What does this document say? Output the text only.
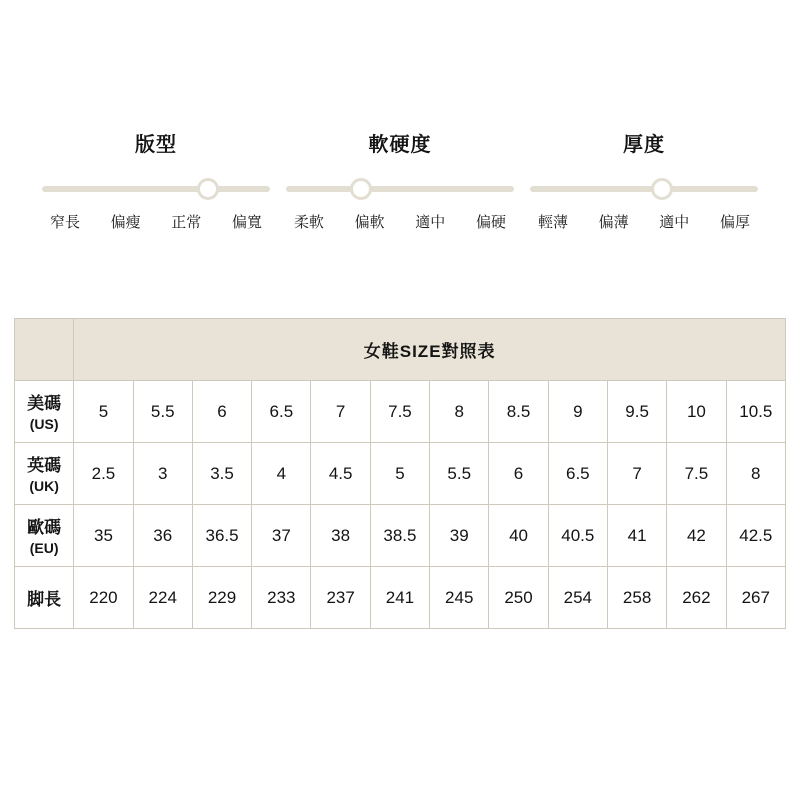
版型
窄長	偏瘦	正常	偏寬
軟硬度
柔軟	偏軟	適中	偏硬
厚度
輕薄	偏薄	適中	偏厚
	女鞋SIZE對照表											
美碼(US)	5	5.5	6	6.5	7	7.5	8	8.5	9	9.5	10	10.5
英碼(UK)	2.5	3	3.5	4	4.5	5	5.5	6	6.5	7	7.5	8
歐碼(EU)	35	36	36.5	37	38	38.5	39	40	40.5	41	42	42.5
脚長	220	224	229	233	237	241	245	250	254	258	262	267
